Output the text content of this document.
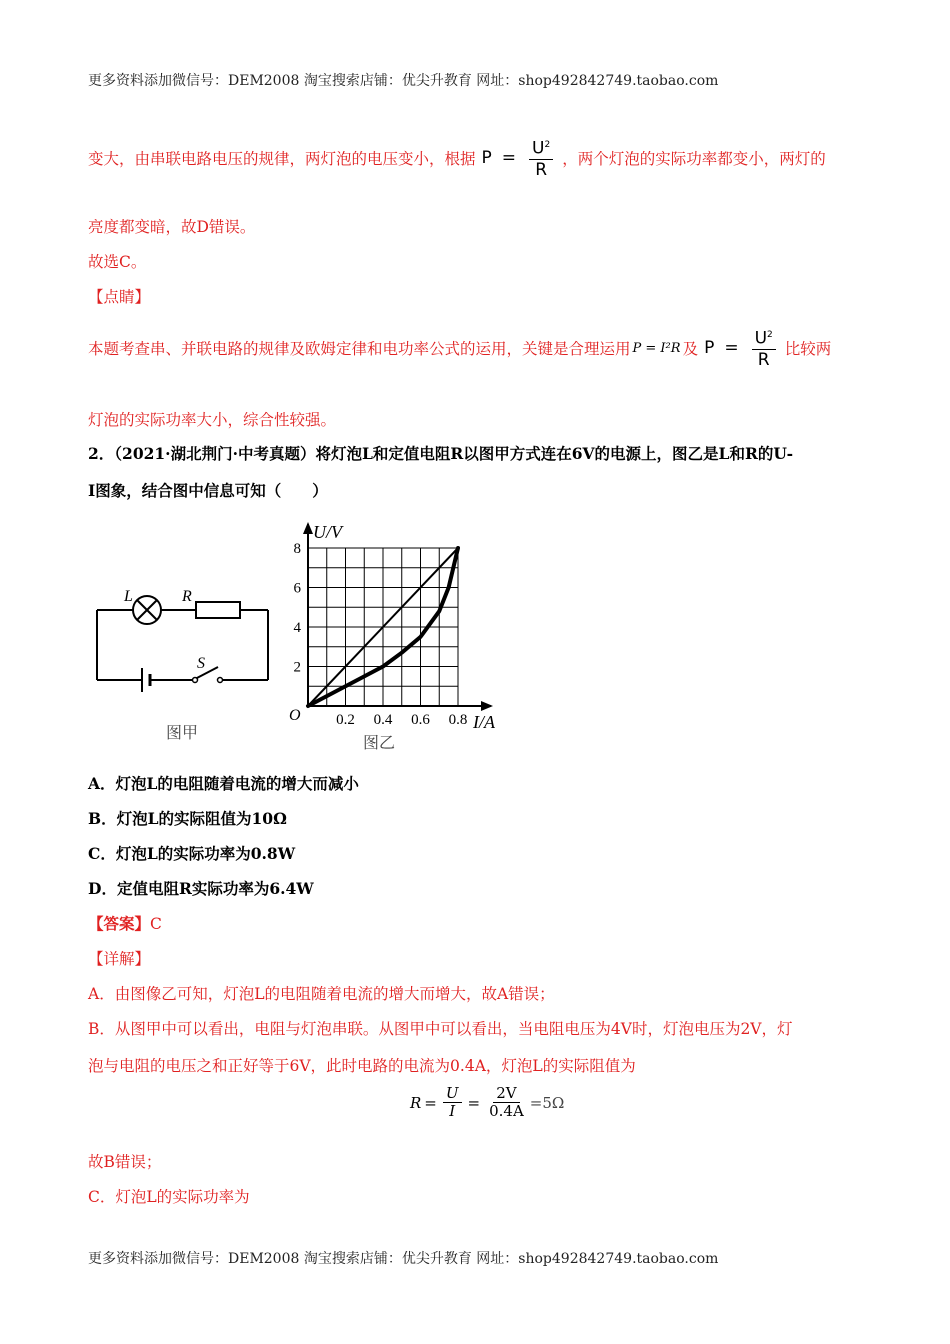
更多资料添加微信号：DEM2008 淘宝搜索店铺：优尖升教育 网址：shop492842749.taobao.com
变大，由串联电路电压的规律，两灯泡的电压变小，根据 $P = \frac{U^2}{R}$ ，两个灯泡的实际功率都变小，两灯的
亮度都变暗，故D错误。
故选C。
【点睛】
本题考查串、并联电路的规律及欧姆定律和电功率公式的运用，关键是合理运用 P = I²R 及 $P = \frac{U^2}{R}$ 比较两
灯泡的实际功率大小，综合性较强。
2．（2021·湖北荆门·中考真题）将灯泡L和定值电阻R以图甲方式连在6V的电源上，图乙是L和R的U-
I图象，结合图中信息可知（　　）
L	R
S
图甲
U/V
I/A
O
图乙
0.2 0.4 0.6 0.8
2
4
6
8
A．灯泡L的电阻随着电流的增大而减小
B．灯泡L的实际阻值为10Ω
C．灯泡L的实际功率为0.8W
D．定值电阻R实际功率为6.4W
【答案】C
【详解】
A．由图像乙可知，灯泡L的电阻随着电流的增大而增大，故A错误；
B．从图甲中可以看出，电阻与灯泡串联。从图甲中可以看出，当电阻电压为4V时，灯泡电压为2V，灯
泡与电阻的电压之和正好等于6V，此时电路的电流为0.4A，灯泡L的实际阻值为
$R = \frac{U}{I} = \frac{2V}{0.4A} =5\Omega$
故B错误；
C．灯泡L的实际功率为
更多资料添加微信号：DEM2008 淘宝搜索店铺：优尖升教育 网址：shop492842749.taobao.com
